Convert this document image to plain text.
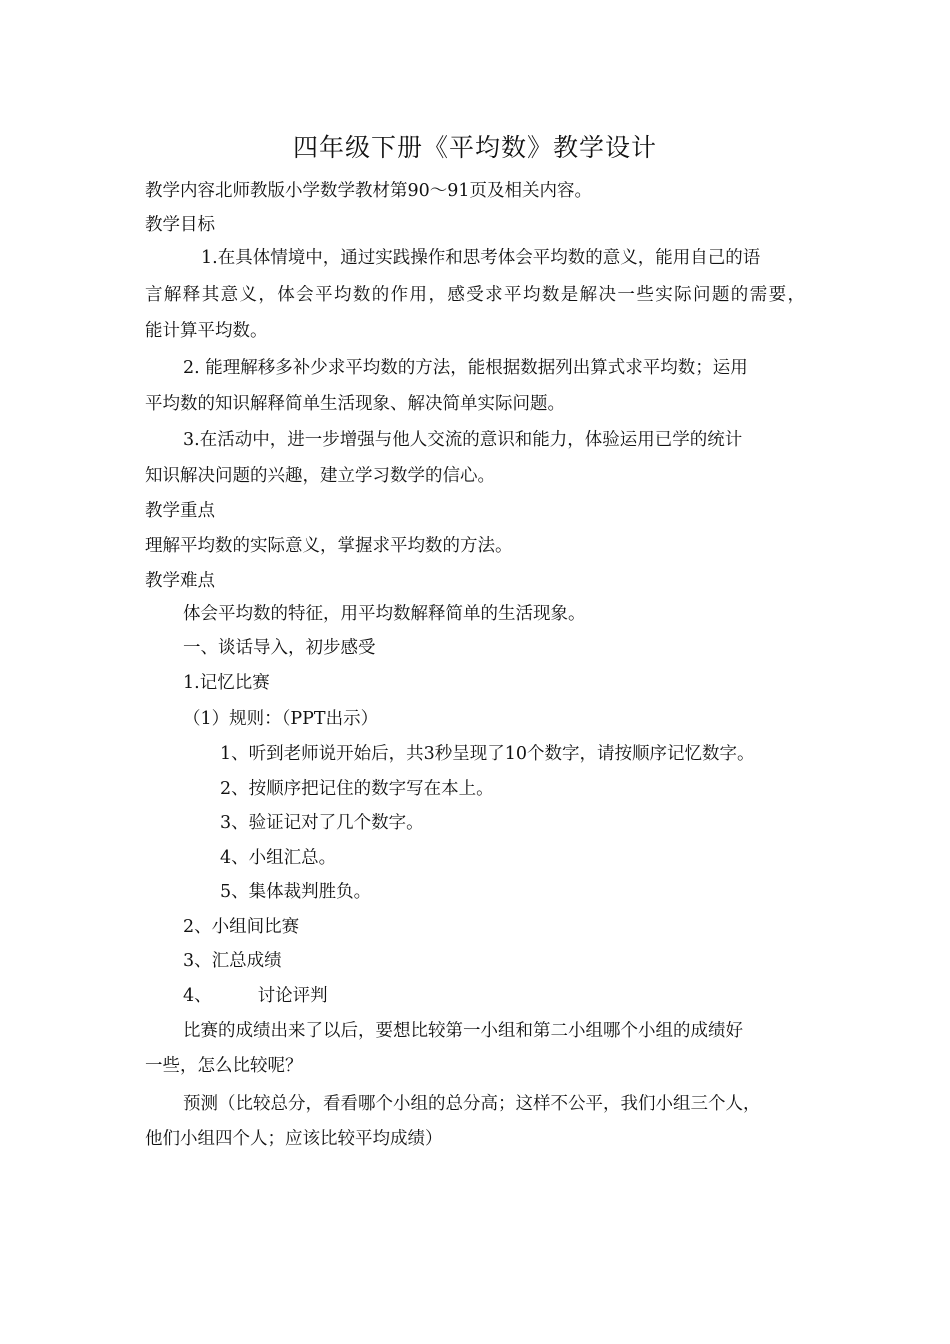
四年级下册《平均数》教学设计
教学内容北师教版小学数学教材第90～91页及相关内容。
教学目标
1.在具体情境中，通过实践操作和思考体会平均数的意义，能用自己的语
言解释其意义，体会平均数的作用，感受求平均数是解决一些实际问题的需要，
能计算平均数。
2. 能理解移多补少求平均数的方法，能根据数据列出算式求平均数；运用
平均数的知识解释简单生活现象、解决简单实际问题。
3.在活动中，进一步增强与他人交流的意识和能力，体验运用已学的统计
知识解决问题的兴趣，建立学习数学的信心。
教学重点
理解平均数的实际意义，掌握求平均数的方法。
教学难点
体会平均数的特征，用平均数解释简单的生活现象。
一、谈话导入，初步感受
1.记忆比赛
（1）规则：（PPT出示）
1、听到老师说开始后，共3秒呈现了10个数字，请按顺序记忆数字。
2、按顺序把记住的数字写在本上。
3、验证记对了几个数字。
4、小组汇总。
5、集体裁判胜负。
2、小组间比赛
3、汇总成绩
4、	讨论评判
比赛的成绩出来了以后，要想比较第一小组和第二小组哪个小组的成绩好
一些，怎么比较呢？
预测（比较总分，看看哪个小组的总分高；这样不公平，我们小组三个人，
他们小组四个人；应该比较平均成绩）
